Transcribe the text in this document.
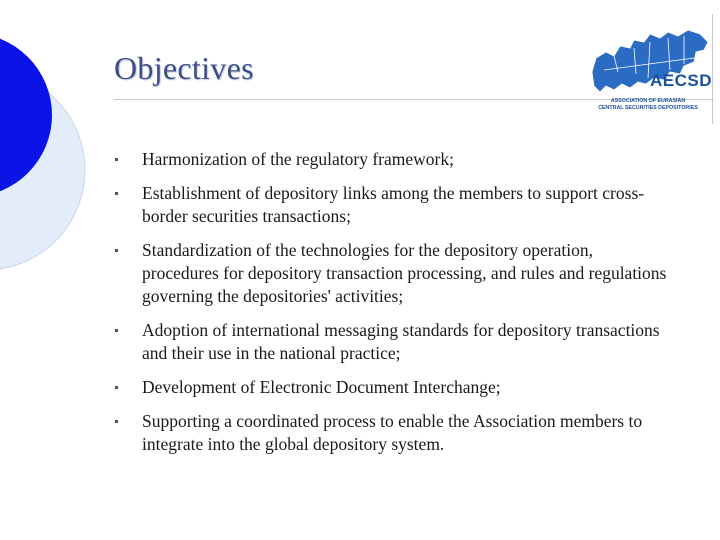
Objectives	AECSD
ASSOCIATION OF EURASIAN
CENTRAL SECURITIES DEPOSITORIES
Harmonization of the regulatory framework;
Establishment of depository links among the members to support cross-border securities transactions;
Standardization of the technologies for the depository operation, procedures for depository transaction processing, and rules and regulations governing the depositories' activities;
Adoption of international messaging standards for depository transactions and their use in the national practice;
Development of Electronic Document Interchange;
Supporting a coordinated process to enable the Association members to integrate into the global depository system.
